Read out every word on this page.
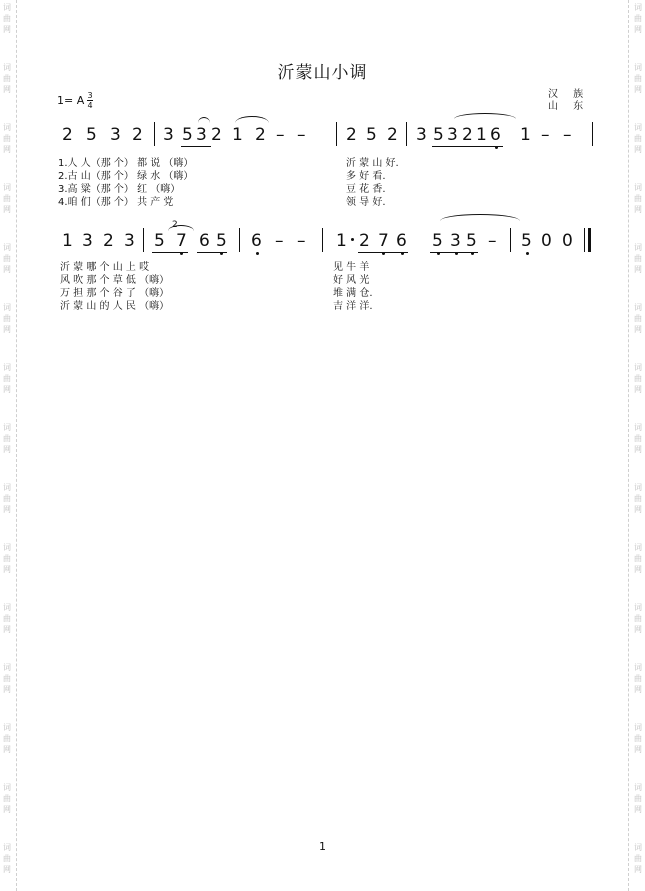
词
曲
网
词
曲
网
词
曲
网
词
曲
网
词
曲
网
词
曲
网
词
曲
网
词
曲
网
词
曲
网
词
曲
网
词
曲
网
词
曲
网
词
曲
网
词
曲
网
词
曲
网
词
曲
网
词
曲
网
词
曲
网
词
曲
网
词
曲
网
词
曲
网
词
曲
网
词
曲
网
词
曲
网
词
曲
网
词
曲
网
词
曲
网
词
曲
网
词
曲
网
词
曲
网
沂蒙山小调
汉 族
山 东
1= A 3
4
2 5 3 2 3 5 3 2 1 2 – – 2 5 2 3 5 3 2 1 6 1 – –
1.人 人（那 个） 都 说 （嗨）	沂 蒙 山 好.
2.古 山（那 个） 绿 水 （嗨）	多 好 看.
3.高 粱（那 个） 红 （嗨）	豆 花 香.
4.咱 们（那 个） 共 产 党	领 导 好.
1 3 2 3 5
2
7 6 5 6 – – 1 2 7 6 5 3 5 – 5 0 0
沂 蒙 哪 个 山 上 哎	见 牛 羊
风 吹 那 个 草 低 （嗨）	好 风 光
万 担 那 个 谷 了 （嗨）	堆 满 仓.
沂 蒙 山 的 人 民 （嗨）	吉 洋 洋.
1
